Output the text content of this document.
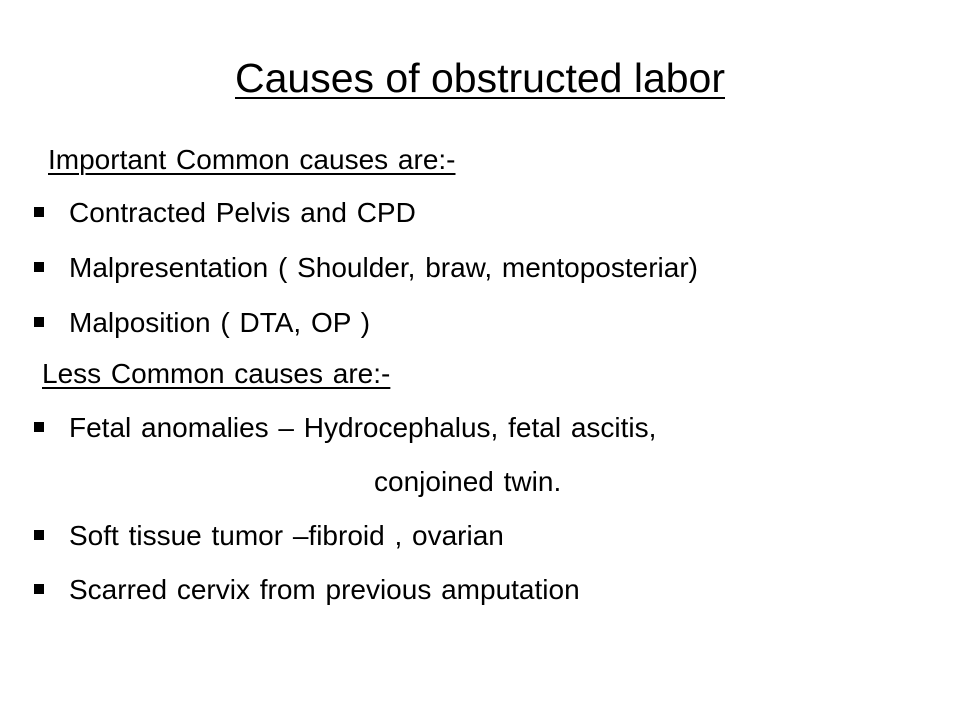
Causes of obstructed labor
Important Common causes are:-
Contracted Pelvis and CPD
Malpresentation ( Shoulder, braw, mentoposteriar)
Malposition ( DTA, OP )
Less Common causes are:-
Fetal anomalies – Hydrocephalus, fetal ascitis,
conjoined twin.
Soft tissue tumor –fibroid , ovarian
Scarred cervix from previous amputation
